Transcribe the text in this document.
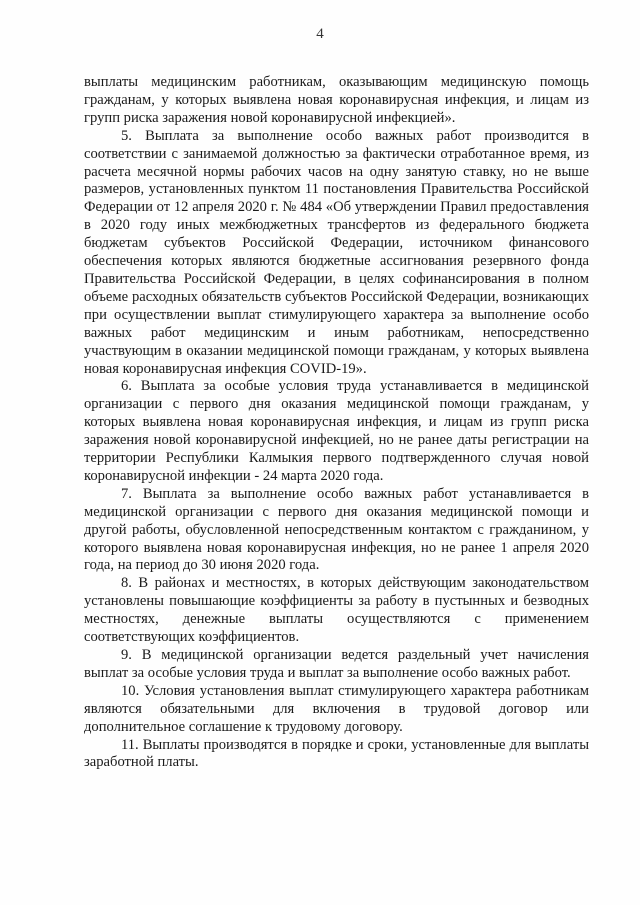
4

выплаты медицинским работникам, оказывающим медицинскую помощь гражданам, у которых выявлена новая коронавирусная инфекция, и лицам из групп риска заражения новой коронавирусной инфекцией».

5. Выплата за выполнение особо важных работ производится в соответствии с занимаемой должностью за фактически отработанное время, из расчета месячной нормы рабочих часов на одну занятую ставку, но не выше размеров, установленных пунктом 11 постановления Правительства Российской Федерации от 12 апреля 2020 г. № 484 «Об утверждении Правил предоставления в 2020 году иных межбюджетных трансфертов из федерального бюджета бюджетам субъектов Российской Федерации, источником финансового обеспечения которых являются бюджетные ассигнования резервного фонда Правительства Российской Федерации, в целях софинансирования в полном объеме расходных обязательств субъектов Российской Федерации, возникающих при осуществлении выплат стимулирующего характера за выполнение особо важных работ медицинским и иным работникам, непосредственно участвующим в оказании медицинской помощи гражданам, у которых выявлена новая коронавирусная инфекция COVID-19».

6. Выплата за особые условия труда устанавливается в медицинской организации с первого дня оказания медицинской помощи гражданам, у которых выявлена новая коронавирусная инфекция, и лицам из групп риска заражения новой коронавирусной инфекцией, но не ранее даты регистрации на территории Республики Калмыкия первого подтвержденного случая новой коронавирусной инфекции - 24 марта 2020 года.

7. Выплата за выполнение особо важных работ устанавливается в медицинской организации с первого дня оказания медицинской помощи и другой работы, обусловленной непосредственным контактом с гражданином, у которого выявлена новая коронавирусная инфекция, но не ранее 1 апреля 2020 года, на период до 30 июня 2020 года.

8. В районах и местностях, в которых действующим законодательством установлены повышающие коэффициенты за работу в пустынных и безводных местностях, денежные выплаты осуществляются с применением соответствующих коэффициентов.

9. В медицинской организации ведется раздельный учет начисления выплат за особые условия труда и выплат за выполнение особо важных работ.

10. Условия установления выплат стимулирующего характера работникам являются обязательными для включения в трудовой договор или дополнительное соглашение к трудовому договору.

11. Выплаты производятся в порядке и сроки, установленные для выплаты заработной платы.
